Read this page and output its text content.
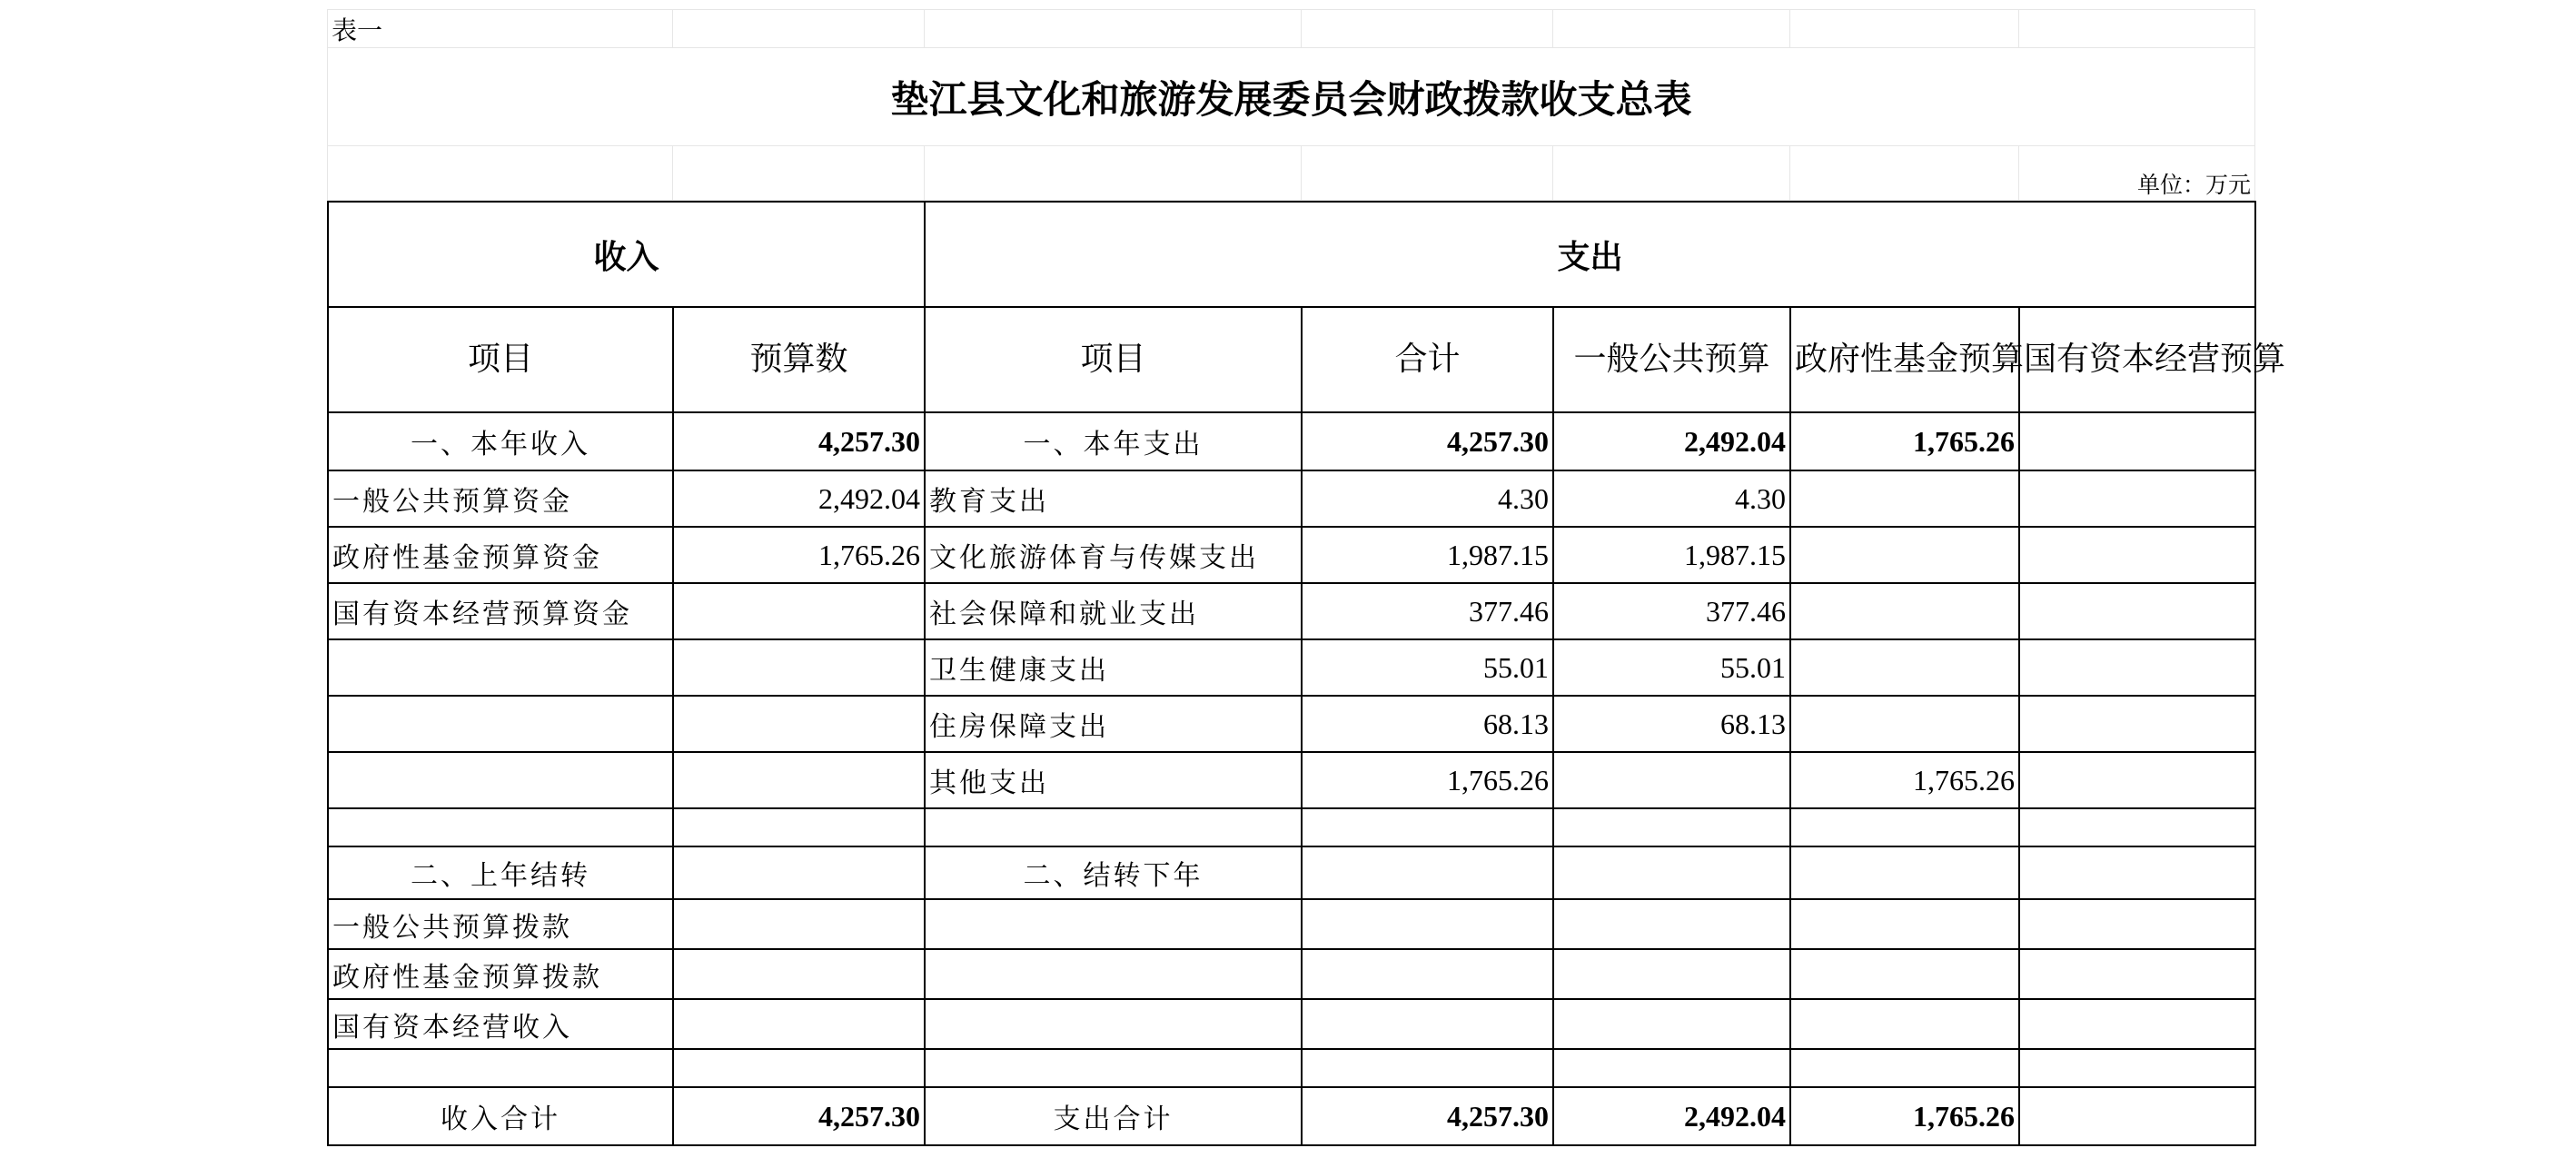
表一						
垫江县文化和旅游发展委员会财政拨款收支总表						
						单位：万元
收入		支出				
项目	预算数	项目	合计	一般公共预算	政府性基金预算	国有资本经营预算
一、本年收入	4,257.30	一、本年支出	4,257.30	2,492.04	1,765.26	
一般公共预算资金	2,492.04	教育支出	4.30	4.30		
政府性基金预算资金	1,765.26	文化旅游体育与传媒支出	1,987.15	1,987.15		
国有资本经营预算资金		社会保障和就业支出	377.46	377.46		
		卫生健康支出	55.01	55.01		
		住房保障支出	68.13	68.13		
		其他支出	1,765.26		1,765.26	

二、上年结转		二、结转下年				
一般公共预算拨款						
政府性基金预算拨款						
国有资本经营收入						

收入合计	4,257.30	支出合计	4,257.30	2,492.04	1,765.26	
